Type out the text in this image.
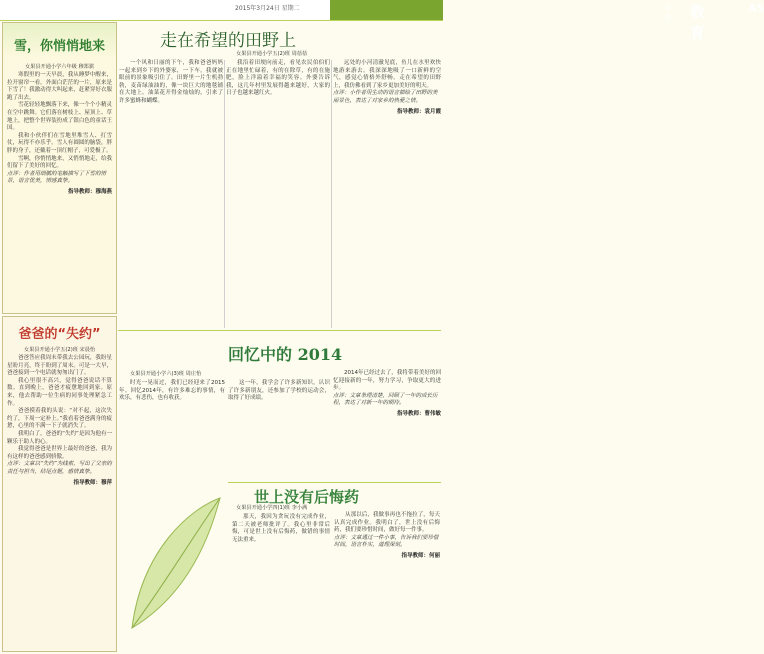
2015年3月24日 星期二	今日 教育
A5
雪，你悄悄地来
女果县开通小学六年级 穆郑骐

寒假里的一天早晨，我从睡梦中醒来，拉开窗帘一看，外面白茫茫的一片，原来是下雪了！我激动得大叫起来，赶紧穿好衣服跑了出去。

雪花轻轻地飘落下来，像一个个小精灵在空中跳舞。它们落在树枝上、屋顶上、草地上，把整个世界装扮成了银白色的童话王国。

我和小伙伴们在雪地里堆雪人、打雪仗，玩得不亦乐乎。雪人有圆圆的脑袋，胖胖的身子，还戴着一顶红帽子，可爱极了。

雪啊，你悄悄地来，又悄悄地走，给我们留下了美好的回忆。

点评：作者用细腻的笔触描写了下雪的情景，语言优美，情感真挚。

指导教师：穆海燕
爸爸的“失约”
女果县开通小学五(2)班 宋晨怡

爸爸答应我周末带我去公园玩，我盼星星盼月亮，终于盼到了周末。可是一大早，爸爸接到一个电话就匆匆出门了。

我心里很不高兴，觉得爸爸说话不算数。直到晚上，爸爸才疲惫地回到家。原来，他去帮助一位生病的同事处理紧急工作。

爸爸摸着我的头说：“对不起，这次失约了，下周一定补上。”我看着爸爸满身的疲惫，心里的不满一下子就消失了。

我明白了，爸爸的“失约”是因为他有一颗乐于助人的心。

我觉得爸爸是世界上最好的爸爸，我为有这样的爸爸感到骄傲。

点评：文章以“失约”为线索，写出了父亲的责任与担当，结尾点题，感情真挚。

指导教师：穆萍
走在希望的田野上
女果县开通小学五(2)班 周蓓蓓

一个风和日丽的下午，我和爸爸妈妈一起来到乡下的外婆家，一下车，我就被眼前的景象吸引住了。田野里一片生机勃勃，麦苗绿油油的，像一块巨大的地毯铺在大地上。油菜花开得金灿灿的，引来了许多蜜蜂和蝴蝶。

我沿着田埂向前走，看见农民伯伯们正在地里忙碌着，有的在除草，有的在施肥，脸上洋溢着幸福的笑容。外婆告诉我，这几年村里发展得越来越好，大家的日子也越来越红火。

远处的小河清澈见底，鱼儿在水里欢快地游来游去。我深深地吸了一口新鲜的空气，感觉心情格外舒畅。走在希望的田野上，我仿佛看到了家乡更加美好的明天。

点评：小作者用生动的语言描绘了田野的美丽景色，表达了对家乡的热爱之情。

指导教师：袁月霞
回忆中的 2014
女果县开通小学六(3)班 周庄怡

时光一晃而过，我们已经迎来了2015年。回忆2014年，有许多难忘的事情，有欢乐，有悲伤，也有收获。

这一年，我学会了许多新知识，认识了许多新朋友，还参加了学校的运动会，取得了好成绩。

2014年已经过去了，我将带着美好的回忆迎接新的一年，努力学习，争取更大的进步。

点评：文章条理清楚，回顾了一年的成长历程，表达了对新一年的期待。

指导教师：曹伟敏
世上没有后悔药
女果县开通小学四(1)班 李小满

那天，我因为贪玩没有完成作业，第二天被老师批评了。我心里非常后悔，可是世上没有后悔药，做错的事情无法重来。

从那以后，我做事再也不拖拉了，每天认真完成作业。我明白了，世上没有后悔药，我们要珍惜时间，做好每一件事。

点评：文章通过一件小事，告诉我们要珍惜时间，语言朴实，道理深刻。

指导教师：何丽
